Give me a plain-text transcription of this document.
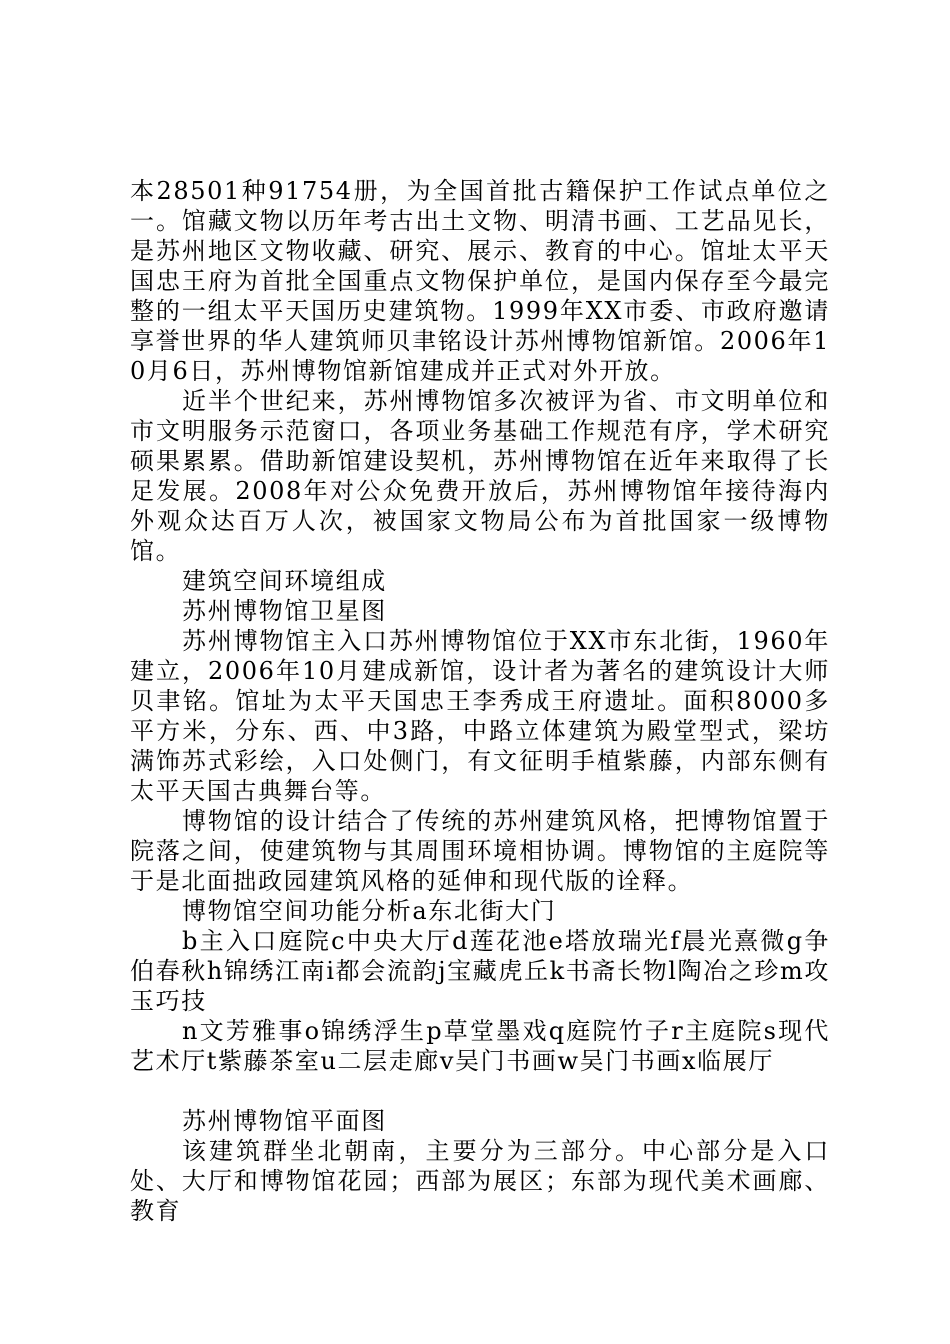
本28501种91754册，为全国首批古籍保护工作试点单位之一。馆藏文物以历年考古出土文物、明清书画、工艺品见长，是苏州地区文物收藏、研究、展示、教育的中心。馆址太平天国忠王府为首批全国重点文物保护单位，是国内保存至今最完整的一组太平天国历史建筑物。1999年XX市委、市政府邀请享誉世界的华人建筑师贝聿铭设计苏州博物馆新馆。2006年10月6日，苏州博物馆新馆建成并正式对外开放。

近半个世纪来，苏州博物馆多次被评为省、市文明单位和市文明服务示范窗口，各项业务基础工作规范有序，学术研究硕果累累。借助新馆建设契机，苏州博物馆在近年来取得了长足发展。2008年对公众免费开放后，苏州博物馆年接待海内外观众达百万人次，被国家文物局公布为首批国家一级博物馆。

建筑空间环境组成

苏州博物馆卫星图

苏州博物馆主入口苏州博物馆位于XX市东北街，1960年建立，2006年10月建成新馆，设计者为著名的建筑设计大师贝聿铭。馆址为太平天国忠王李秀成王府遗址。面积8000多平方米，分东、西、中3路，中路立体建筑为殿堂型式，梁坊满饰苏式彩绘，入口处侧门，有文征明手植紫藤，内部东侧有太平天国古典舞台等。

博物馆的设计结合了传统的苏州建筑风格，把博物馆置于院落之间，使建筑物与其周围环境相协调。博物馆的主庭院等于是北面拙政园建筑风格的延伸和现代版的诠释。

博物馆空间功能分析a东北街大门

b主入口庭院c中央大厅d莲花池e塔放瑞光f晨光熹微g争伯春秋h锦绣江南i都会流韵j宝藏虎丘k书斋长物l陶冶之珍m攻玉巧技

n文芳雅事o锦绣浮生p草堂墨戏q庭院竹子r主庭院s现代艺术厅t紫藤茶室u二层走廊v吴门书画w吴门书画x临展厅

苏州博物馆平面图

该建筑群坐北朝南，主要分为三部分。中心部分是入口处、大厅和博物馆花园；西部为展区；东部为现代美术画廊、教育
